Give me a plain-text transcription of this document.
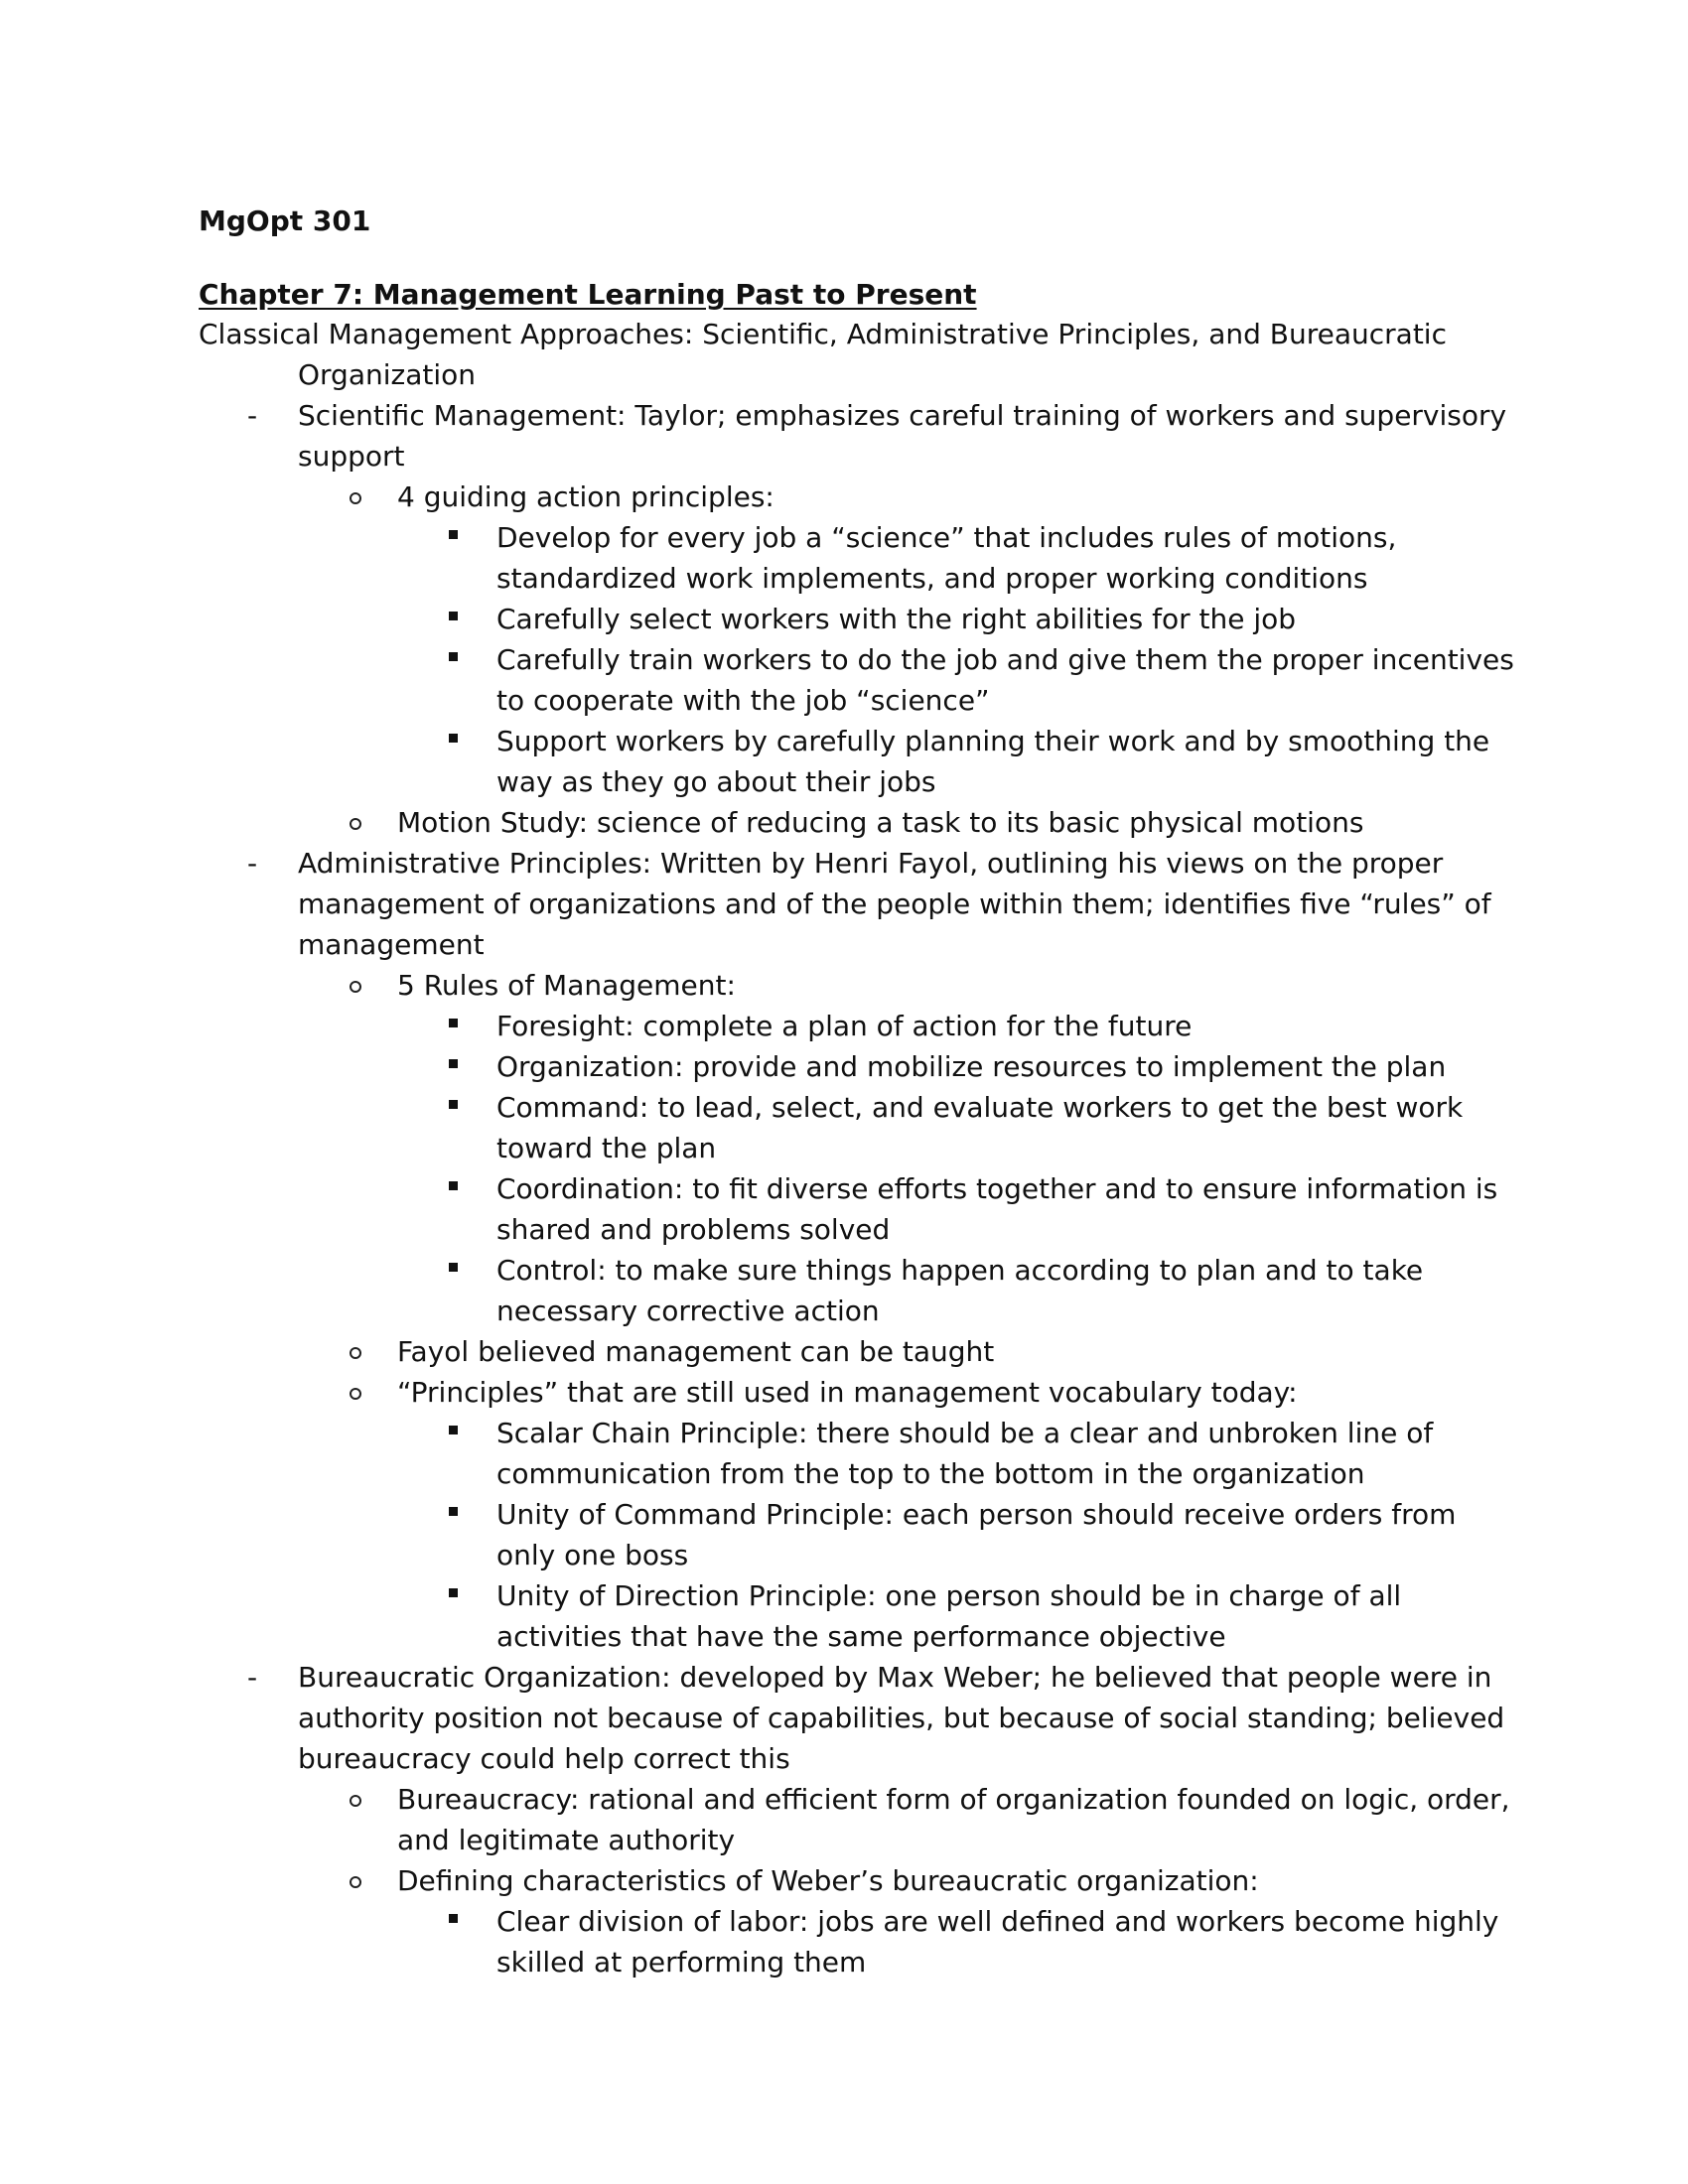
MgOpt 301
Chapter 7: Management Learning Past to Present
Classical Management Approaches: Scientific, Administrative Principles, and Bureaucratic
Organization
- Scientific Management: Taylor; emphasizes careful training of workers and supervisory
support
4 guiding action principles:
Develop for every job a “science” that includes rules of motions,
standardized work implements, and proper working conditions
Carefully select workers with the right abilities for the job
Carefully train workers to do the job and give them the proper incentives
to cooperate with the job “science”
Support workers by carefully planning their work and by smoothing the
way as they go about their jobs
Motion Study: science of reducing a task to its basic physical motions
- Administrative Principles: Written by Henri Fayol, outlining his views on the proper
management of organizations and of the people within them; identifies five “rules” of
management
5 Rules of Management:
Foresight: complete a plan of action for the future
Organization: provide and mobilize resources to implement the plan
Command: to lead, select, and evaluate workers to get the best work
toward the plan
Coordination: to fit diverse efforts together and to ensure information is
shared and problems solved
Control: to make sure things happen according to plan and to take
necessary corrective action
Fayol believed management can be taught
“Principles” that are still used in management vocabulary today:
Scalar Chain Principle: there should be a clear and unbroken line of
communication from the top to the bottom in the organization
Unity of Command Principle: each person should receive orders from
only one boss
Unity of Direction Principle: one person should be in charge of all
activities that have the same performance objective
- Bureaucratic Organization: developed by Max Weber; he believed that people were in
authority position not because of capabilities, but because of social standing; believed
bureaucracy could help correct this
Bureaucracy: rational and efficient form of organization founded on logic, order,
and legitimate authority
Defining characteristics of Weber’s bureaucratic organization:
Clear division of labor: jobs are well defined and workers become highly
skilled at performing them
